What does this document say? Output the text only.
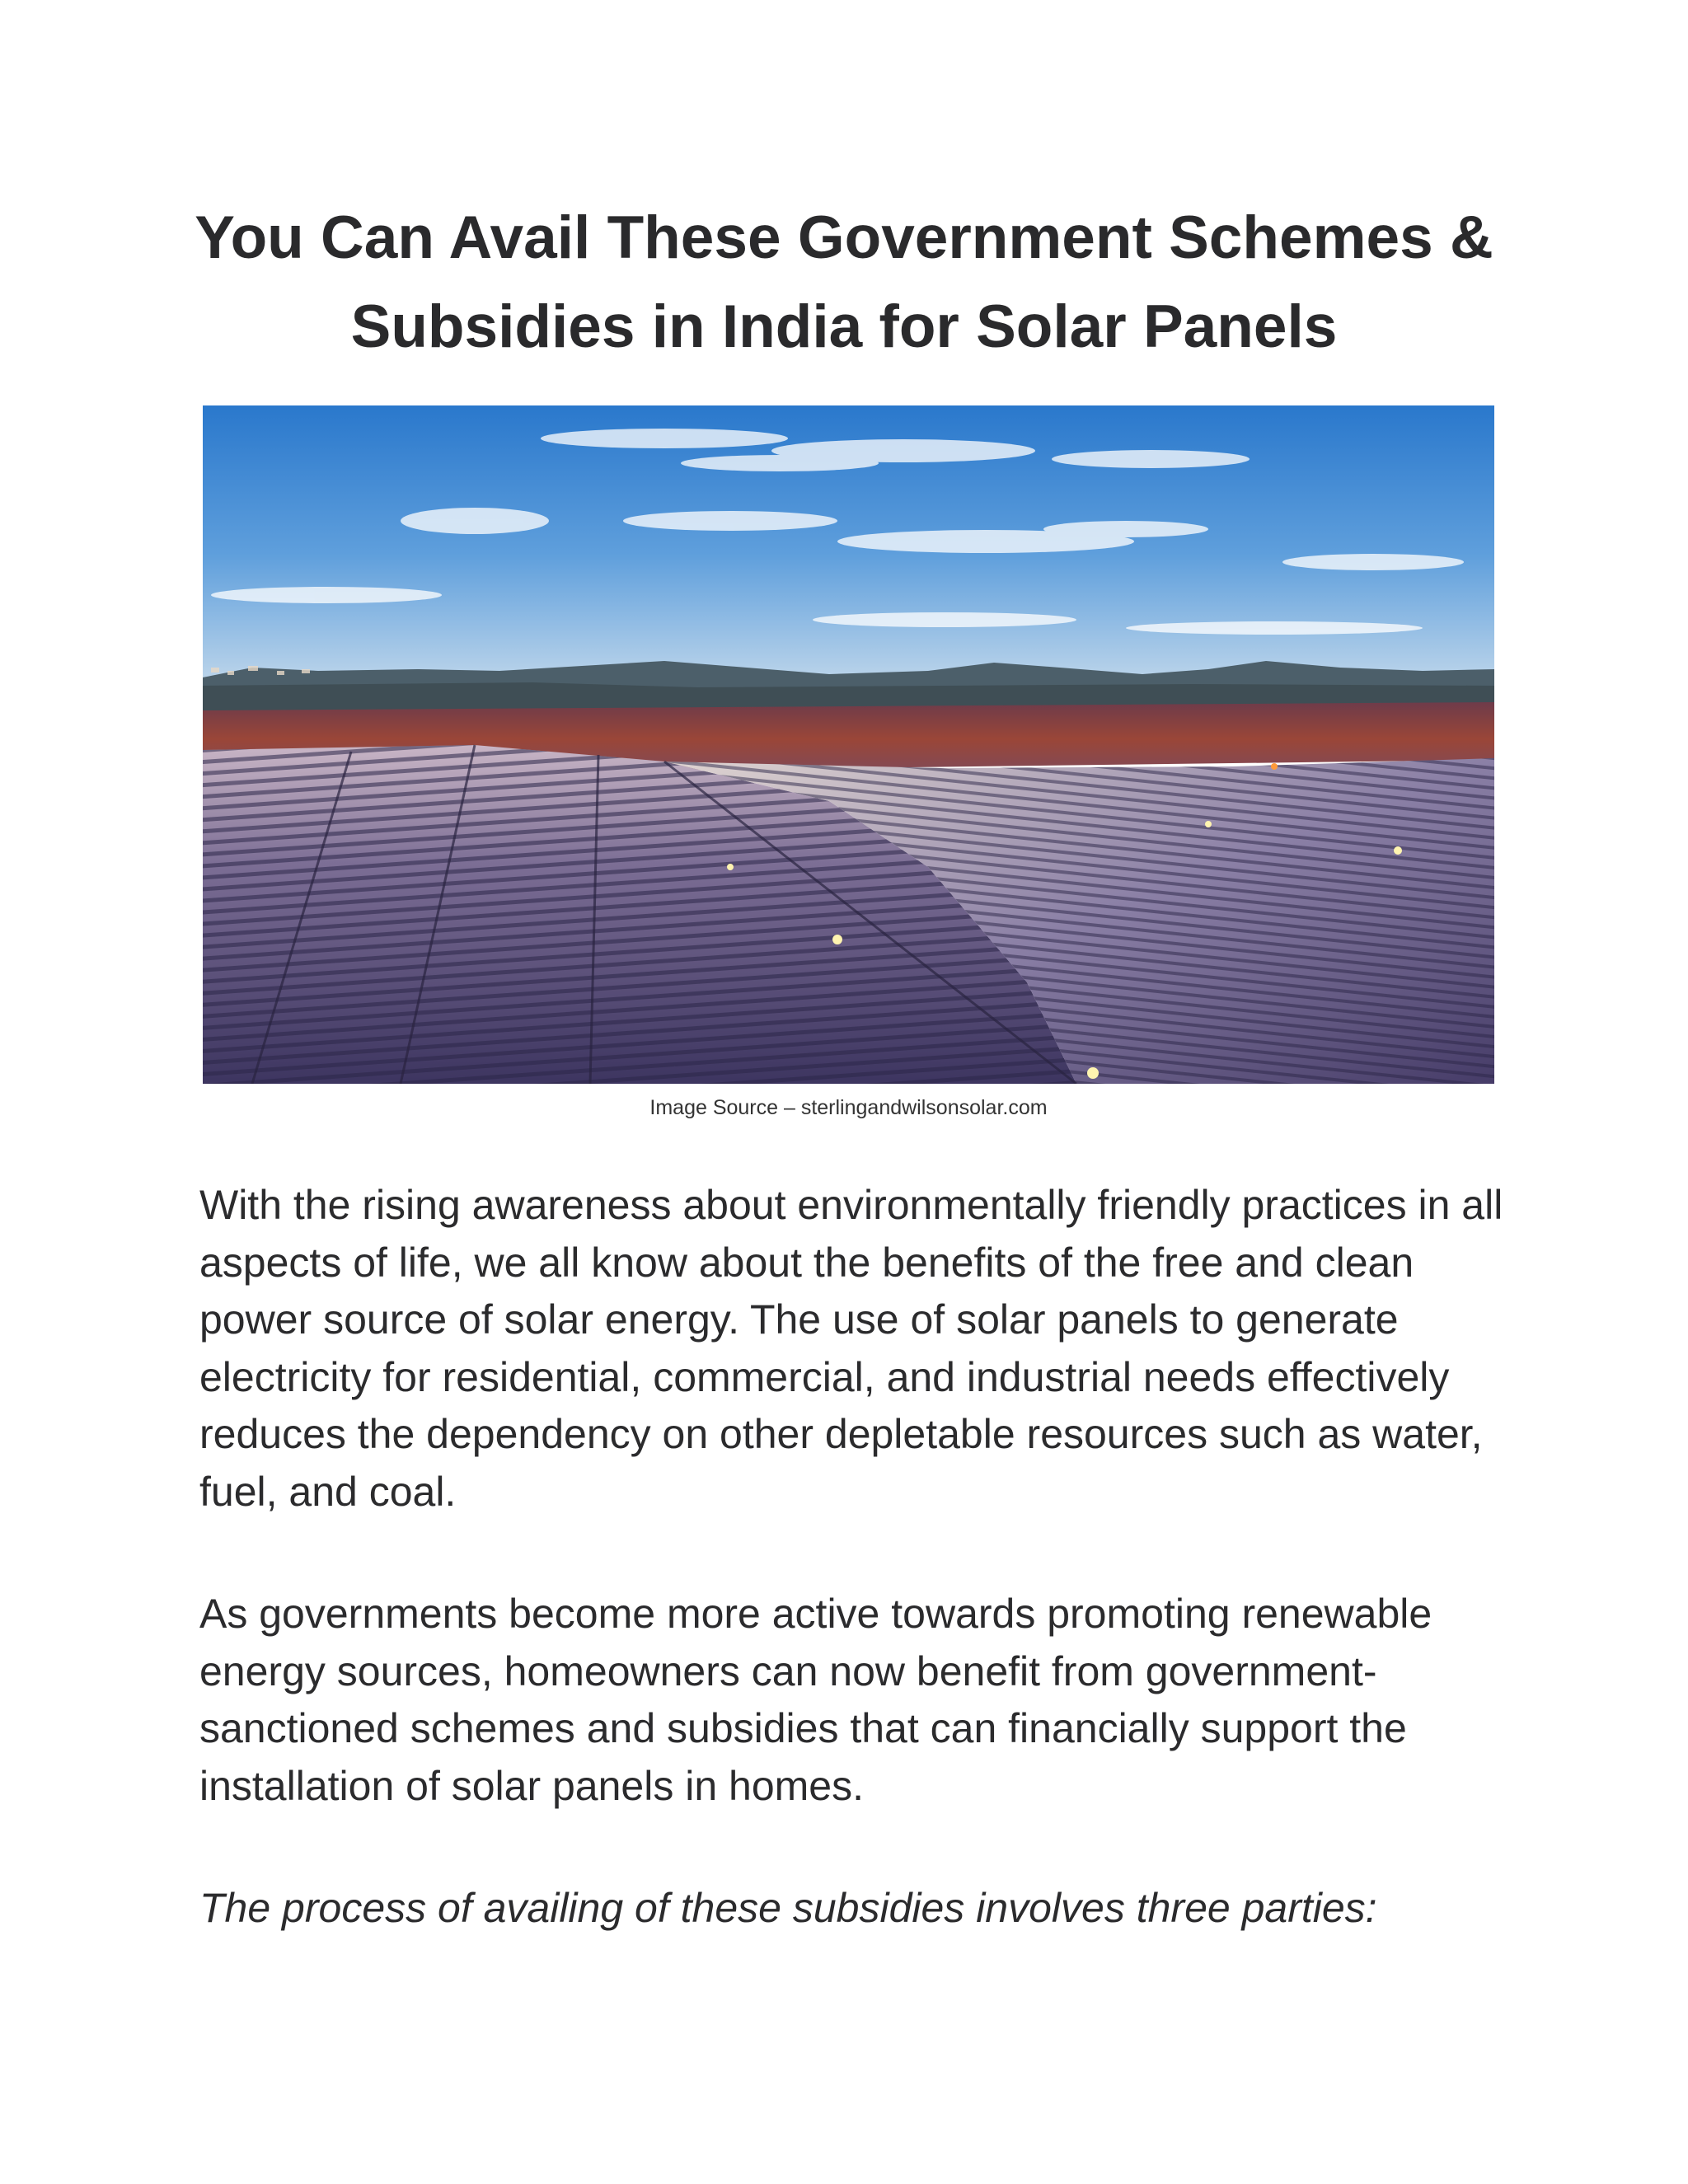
You Can Avail These Government Schemes & Subsidies in India for Solar Panels
Image Source – sterlingandwilsonsolar.com

With the rising awareness about environmentally friendly practices in all aspects of life, we all know about the benefits of the free and clean power source of solar energy. The use of solar panels to generate electricity for residential, commercial, and industrial needs effectively reduces the dependency on other depletable resources such as water, fuel, and coal.

As governments become more active towards promoting renewable energy sources, homeowners can now benefit from government-sanctioned schemes and subsidies that can financially support the installation of solar panels in homes.

The process of availing of these subsidies involves three parties:
